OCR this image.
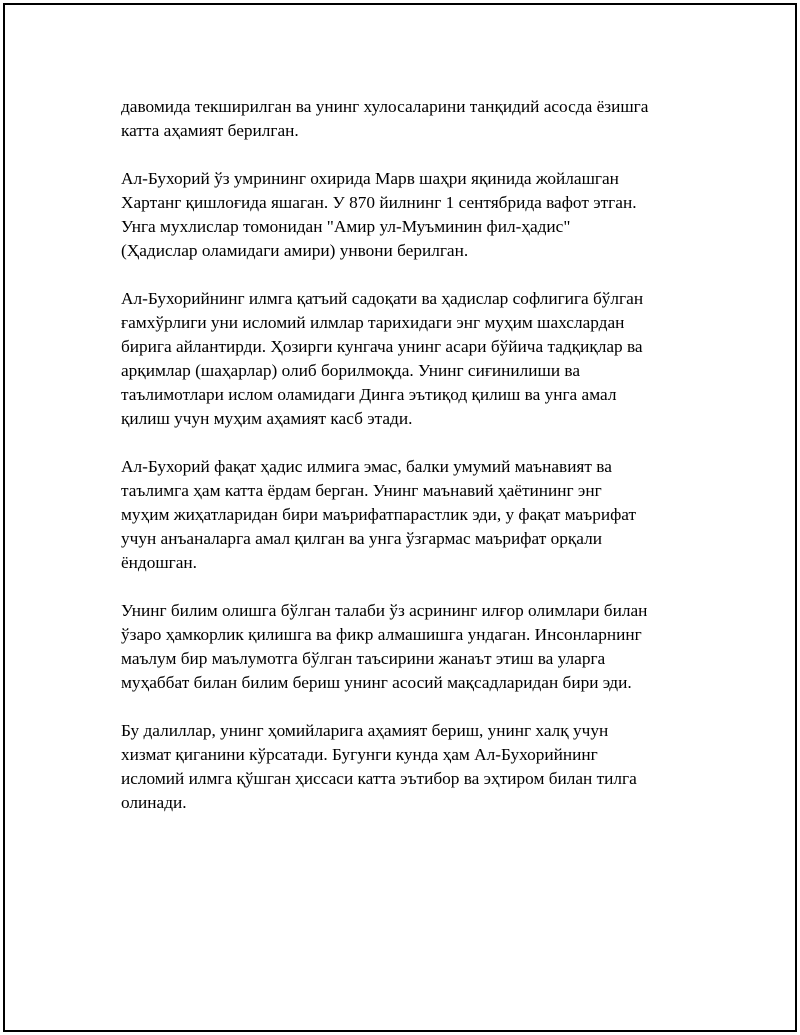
давомида текширилган ва унинг хулосаларини танқидий асосда ёзишга
катта аҳамият берилган.

Ал-Бухорий ўз умрининг охирида Марв шаҳри яқинида жойлашган
Хартанг қишлоғида яшаган. У 870 йилнинг 1 сентябрида вафот этган.
Унга мухлислар томонидан "Амир ул-Муъминин фил-ҳадис"
(Ҳадислар оламидаги амири) унвони берилган.

Ал-Бухорийнинг илмга қатъий садоқати ва ҳадислар софлигига бўлган
ғамхўрлиги уни исломий илмлар тарихидаги энг муҳим шахслардан
бирига айлантирди. Ҳозирги кунгача унинг асари бўйича тадқиқлар ва
арқимлар (шаҳарлар) олиб борилмоқда. Унинг сиғинилиши ва
таълимотлари ислом оламидаги Динга эътиқод қилиш ва унга амал
қилиш учун муҳим аҳамият касб этади.

Ал-Бухорий фақат ҳадис илмига эмас, балки умумий маънавият ва
таълимга ҳам катта ёрдам берган. Унинг маънавий ҳаётининг энг
муҳим жиҳатларидан бири маърифатпарастлик эди, у фақат маърифат
учун анъаналарга амал қилган ва унга ўзгармас маърифат орқали
ёндошган.

Унинг билим олишга бўлган талаби ўз асрининг илғор олимлари билан
ўзаро ҳамкорлик қилишга ва фикр алмашишга ундаган. Инсонларнинг
маълум бир маълумотга бўлган таъсирини жанаът этиш ва уларга
муҳаббат билан билим бериш унинг асосий мақсадларидан бири эди.

Бу далиллар, унинг ҳомийларига аҳамият бериш, унинг халқ учун
хизмат қиганини кўрсатади. Бугунги кунда ҳам Ал-Бухорийнинг
исломий илмга қўшган ҳиссаси катта эътибор ва эҳтиром билан тилга
олинади.
